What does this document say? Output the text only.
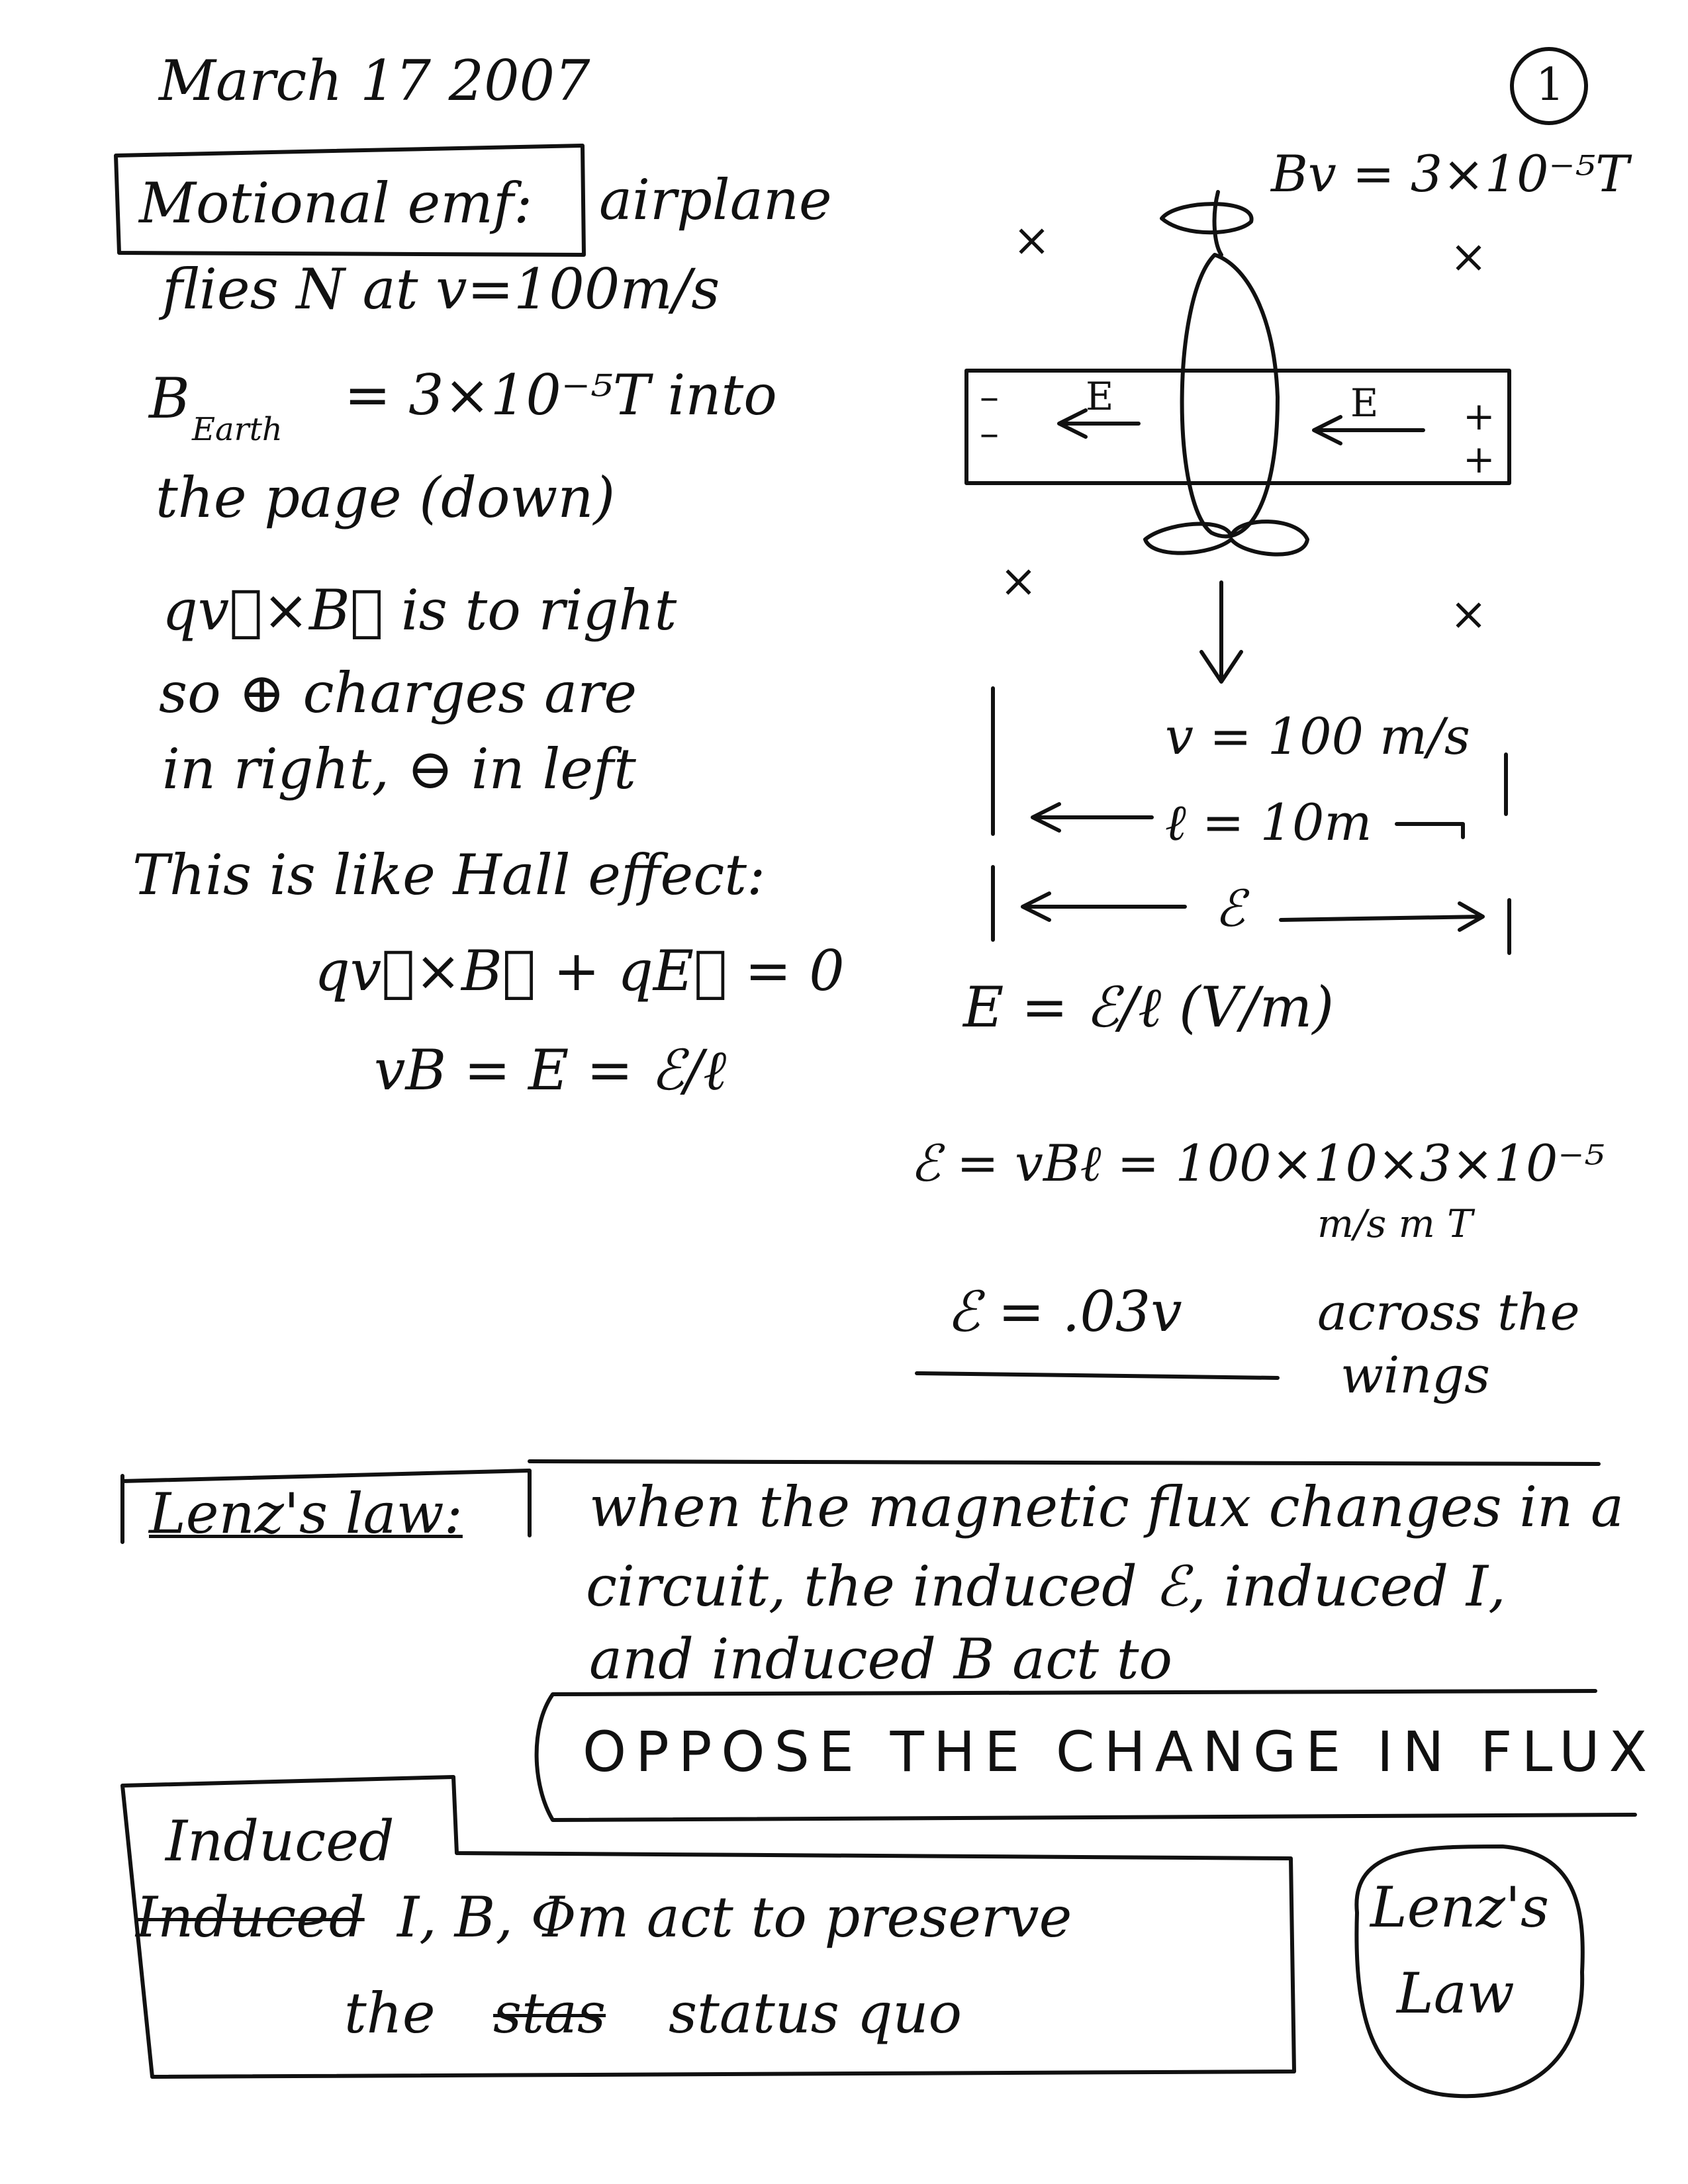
March 17 2007	1
Motional emf: airplane
flies N at v=100m/s
B Earth
= 3×10⁻⁵T into
the page (down)
qv⃗×B⃗ is to right
so ⊕ charges are
in right, ⊖ in left
This is like Hall effect:
qv⃗×B⃗ + qE⃗ = 0
vB = E = ℰ/ℓ
Bv = 3×10⁻⁵T
×	×
×
×
E	E
–
–	+
+
v = 100 m/s
ℓ = 10m
ℰ
E = ℰ/ℓ (V/m)
ℰ = vBℓ = 100×10×3×10⁻⁵
m/s m T
ℰ = .03v	across the
wings
Lenz's law: when the magnetic flux changes in a
circuit, the induced ℰ, induced I,
and induced B act to
OPPOSE THE CHANGE IN FLUX
Induced
Induced I, B, Φm act to preserve
the stas status quo
Lenz's
Law
